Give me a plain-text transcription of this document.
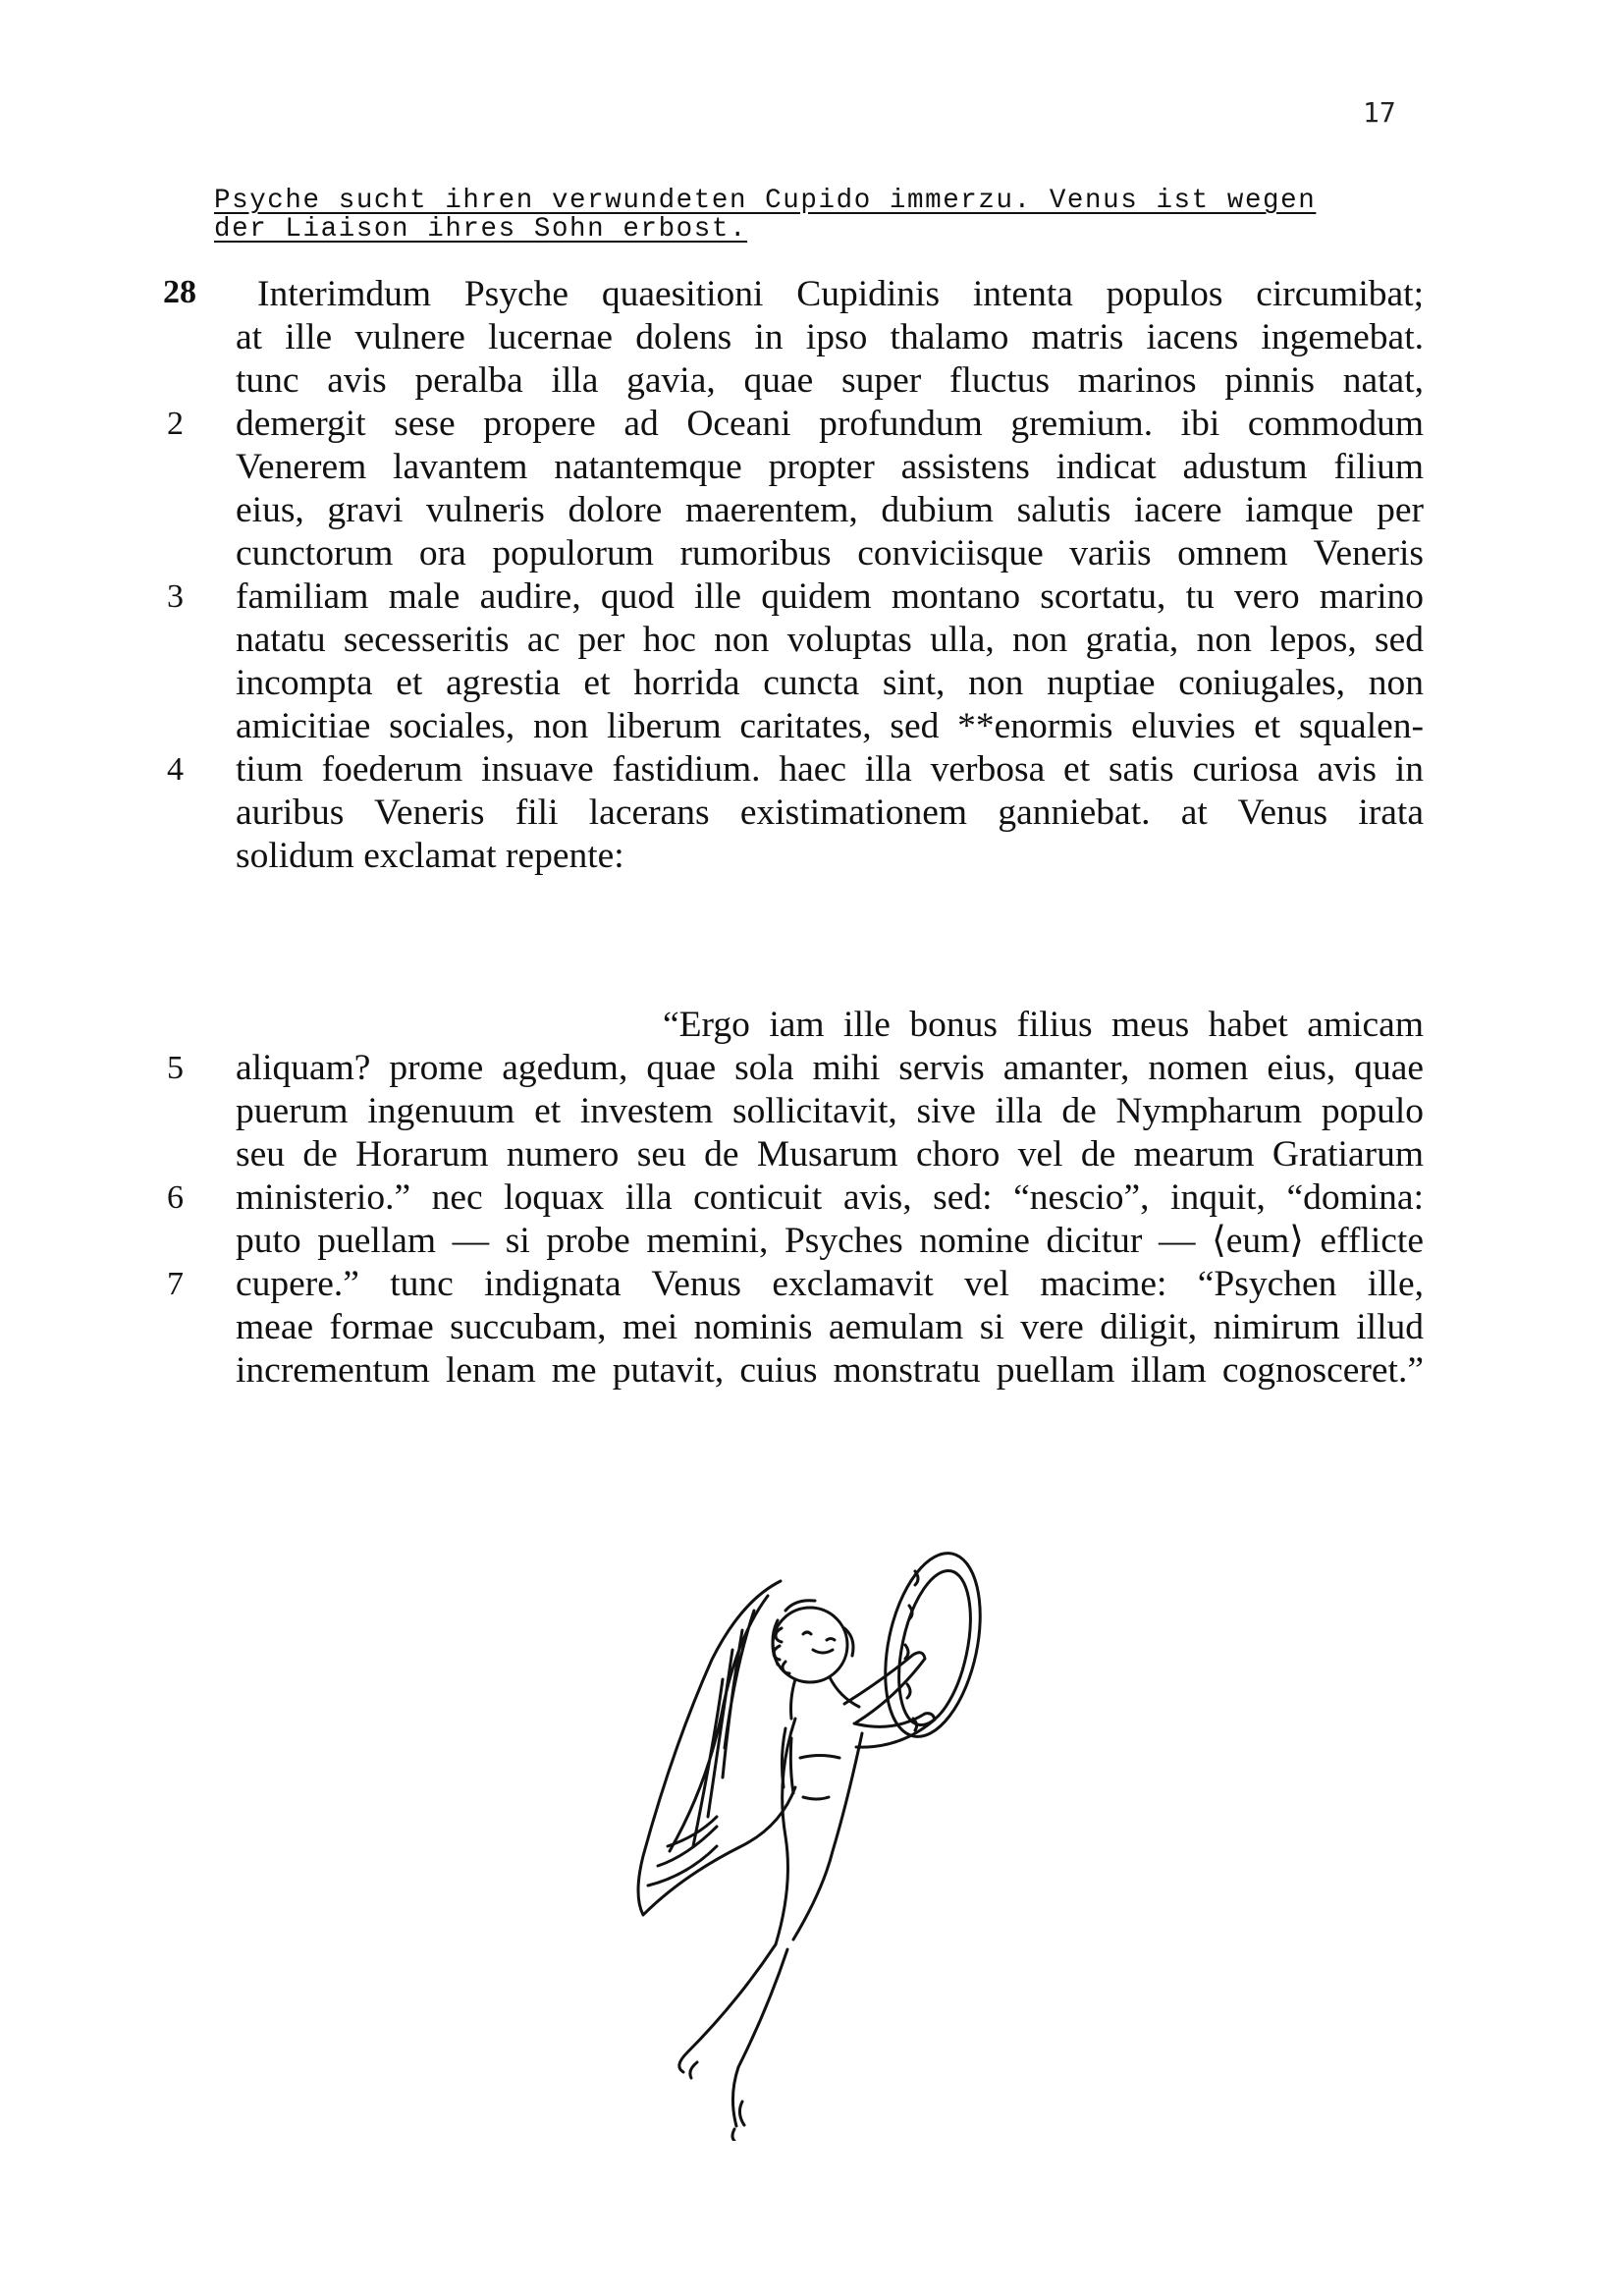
17
Psyche sucht ihren verwundeten Cupido immerzu. Venus ist wegen
der Liaison ihres Sohn erbost.
28 Interimdum Psyche quaesitioni Cupidinis intenta populos circumibat;
at ille vulnere lucernae dolens in ipso thalamo matris iacens ingemebat.
tunc avis peralba illa gavia, quae super fluctus marinos pinnis natat,
2	demergit sese propere ad Oceani profundum gremium. ibi commodum
Venerem lavantem natantemque propter assistens indicat adustum filium
eius, gravi vulneris dolore maerentem, dubium salutis iacere iamque per
cunctorum ora populorum rumoribus conviciisque variis omnem Veneris
3	familiam male audire, quod ille quidem montano scortatu, tu vero marino
natatu secesseritis ac per hoc non voluptas ulla, non gratia, non lepos, sed
incompta et agrestia et horrida cuncta sint, non nuptiae coniugales, non
amicitiae sociales, non liberum caritates, sed **enormis eluvies et squalen-
4	tium foederum insuave fastidium. haec illa verbosa et satis curiosa avis in
auribus Veneris fili lacerans existimationem ganniebat. at Venus irata
solidum exclamat repente:
“Ergo iam ille bonus filius meus habet amicam
5	aliquam? prome agedum, quae sola mihi servis amanter, nomen eius, quae
puerum ingenuum et investem sollicitavit, sive illa de Nympharum populo
seu de Horarum numero seu de Musarum choro vel de mearum Gratiarum
6	ministerio.” nec loquax illa conticuit avis, sed: “nescio”, inquit, “domina:
puto puellam — si probe memini, Psyches nomine dicitur — ⟨eum⟩ efflicte
7	cupere.” tunc indignata Venus exclamavit vel macime: “Psychen ille,
meae formae succubam, mei nominis aemulam si vere diligit, nimirum illud
incrementum lenam me putavit, cuius monstratu puellam illam cognosceret.”
